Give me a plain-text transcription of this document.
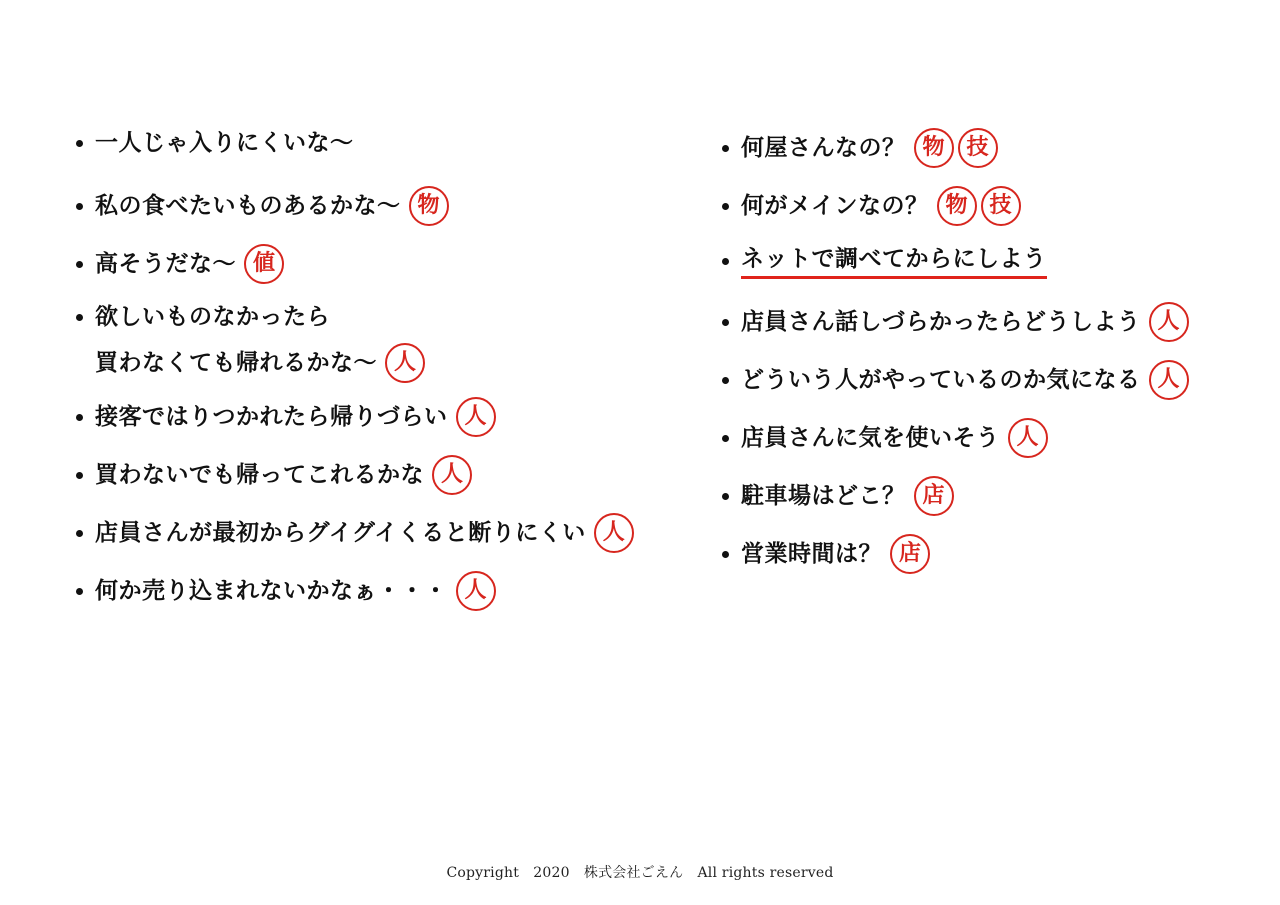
一人じゃ入りにくいな〜
私の食べたいものあるかな〜 物
高そうだな〜 値
欲しいものなかったら
買わなくても帰れるかな〜 人
接客ではりつかれたら帰りづらい 人
買わないでも帰ってこれるかな 人
店員さんが最初からグイグイくると断りにくい 人
何か売り込まれないかなぁ・・・ 人
何屋さんなの？ 物 技
何がメインなの？ 物 技
ネットで調べてからにしよう
店員さん話しづらかったらどうしよう 人
どういう人がやっているのか気になる 人
店員さんに気を使いそう 人
駐車場はどこ？ 店
営業時間は？ 店
Copyright　2020　株式会社ごえん　All rights reserved
